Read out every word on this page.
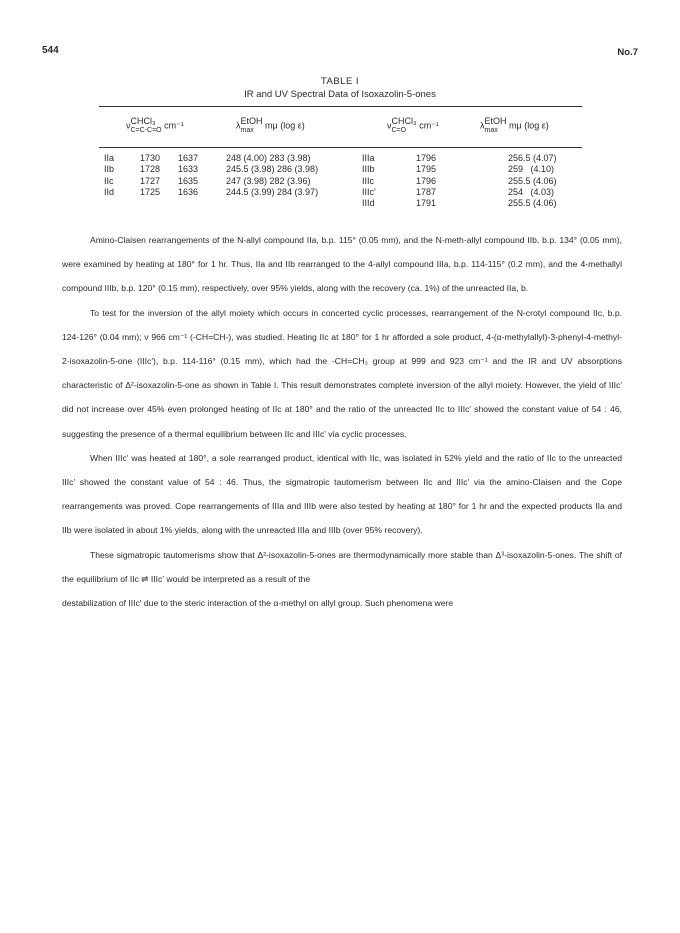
544	No.7
TABLE I
IR and UV Spectral Data of Isoxazolin-5-ones
ν CHCl₃
C=C-C=O
cm⁻¹	λ EtOH
max
mμ (log ε)	ν CHCl₃
C=O
cm⁻¹	λ EtOH
max
mμ (log ε)
IIa	1730	1637	248 (4.00) 283 (3.98)	IIIa	1796	256.5 (4.07)
IIb	1728	1633	245.5 (3.98) 286 (3.98)	IIIb	1795	259   (4.10)
IIc	1727	1635	247 (3.98) 282 (3.96)	IIIc	1796	255.5 (4.06)
IId	1725	1636	244.5 (3.99) 284 (3.97)	IIIc'	1787	254   (4.03)
				IIId	1791	255.5 (4.06)

Amino-Claisen rearrangements of the N-allyl compound IIa, b.p. 115° (0.05 mm), and the N-meth-allyl compound IIb, b.p. 134° (0.05 mm), were examined by heating at 180° for 1 hr. Thus, IIa and IIb rearranged to the 4-allyl compound IIIa, b.p. 114-115° (0.2 mm), and the 4-methallyl compound IIIb, b.p. 120° (0.15 mm), respectively, over 95% yields, along with the recovery (ca. 1%) of the unreacted IIa, b.

To test for the inversion of the allyl moiety which occurs in concerted cyclic processes, rearrangement of the N-crotyl compound IIc, b.p. 124-126° (0.04 mm); ν 966 cm⁻¹ (-CH=CH-), was studied. Heating IIc at 180° for 1 hr afforded a sole product, 4-(α-methylallyl)-3-phenyl-4-methyl-2-isoxazolin-5-one (IIIc'), b.p. 114-116° (0.15 mm), which had the -CH=CH₂ group at 999 and 923 cm⁻¹ and the IR and UV absorptions characteristic of Δ²-isoxazolin-5-one as shown in Table I. This result demonstrates complete inversion of the allyl moiety. However, the yield of IIIc' did not increase over 45% even prolonged heating of IIc at 180° and the ratio of the unreacted IIc to IIIc' showed the constant value of 54 : 46, suggesting the presence of a thermal equilibrium between IIc and IIIc' via cyclic processes.

When IIIc' was heated at 180°, a sole rearranged product, identical with IIc, was isolated in 52% yield and the ratio of IIc to the unreacted IIIc' showed the constant value of 54 : 46. Thus, the sigmatropic tautomerism between IIc and IIIc' via the amino-Claisen and the Cope rearrangements was proved. Cope rearrangements of IIIa and IIIb were also tested by heating at 180° for 1 hr and the expected products IIa and IIb were isolated in about 1% yields, along with the unreacted IIIa and IIIb (over 95% recovery).

These sigmatropic tautomerisms show that Δ²-isoxazolin-5-ones are thermodynamically more stable than Δ³-isoxazolin-5-ones. The shift of the equilibrium of IIc ⇌ IIIc' would be interpreted as a result of the

destabilization of IIIc' due to the steric interaction of the α-methyl on allyl group. Such phenomena were
